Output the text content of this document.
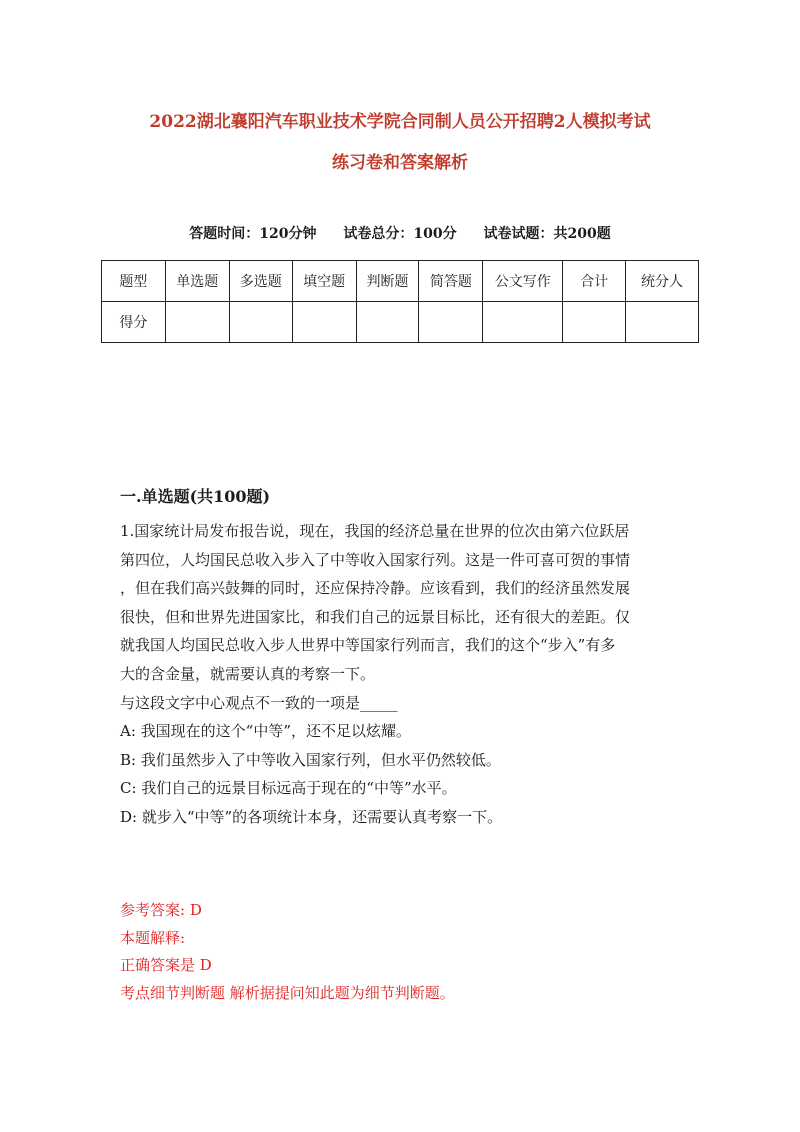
2022湖北襄阳汽车职业技术学院合同制人员公开招聘2人模拟考试
练习卷和答案解析
答题时间：120分钟 试卷总分：100分 试卷试题：共200题
题型	单选题	多选题	填空题	判断题	简答题	公文写作	合计	统分人
得分								
一.单选题(共100题)

1.国家统计局发布报告说，现在，我国的经济总量在世界的位次由第六位跃居

第四位，人均国民总收入步入了中等收入国家行列。这是一件可喜可贺的事情

，但在我们高兴鼓舞的同时，还应保持冷静。应该看到，我们的经济虽然发展

很快，但和世界先进国家比，和我们自己的远景目标比，还有很大的差距。仅

就我国人均国民总收入步人世界中等国家行列而言，我们的这个“步入”有多

大的含金量，就需要认真的考察一下。

与这段文字中心观点不一致的一项是_____

A: 我国现在的这个“中等”，还不足以炫耀。

B: 我们虽然步入了中等收入国家行列，但水平仍然较低。

C: 我们自己的远景目标远高于现在的“中等”水平。

D: 就步入“中等”的各项统计本身，还需要认真考察一下。

参考答案: D

本题解释:

正确答案是 D

考点细节判断题 解析据提问知此题为细节判断题。
